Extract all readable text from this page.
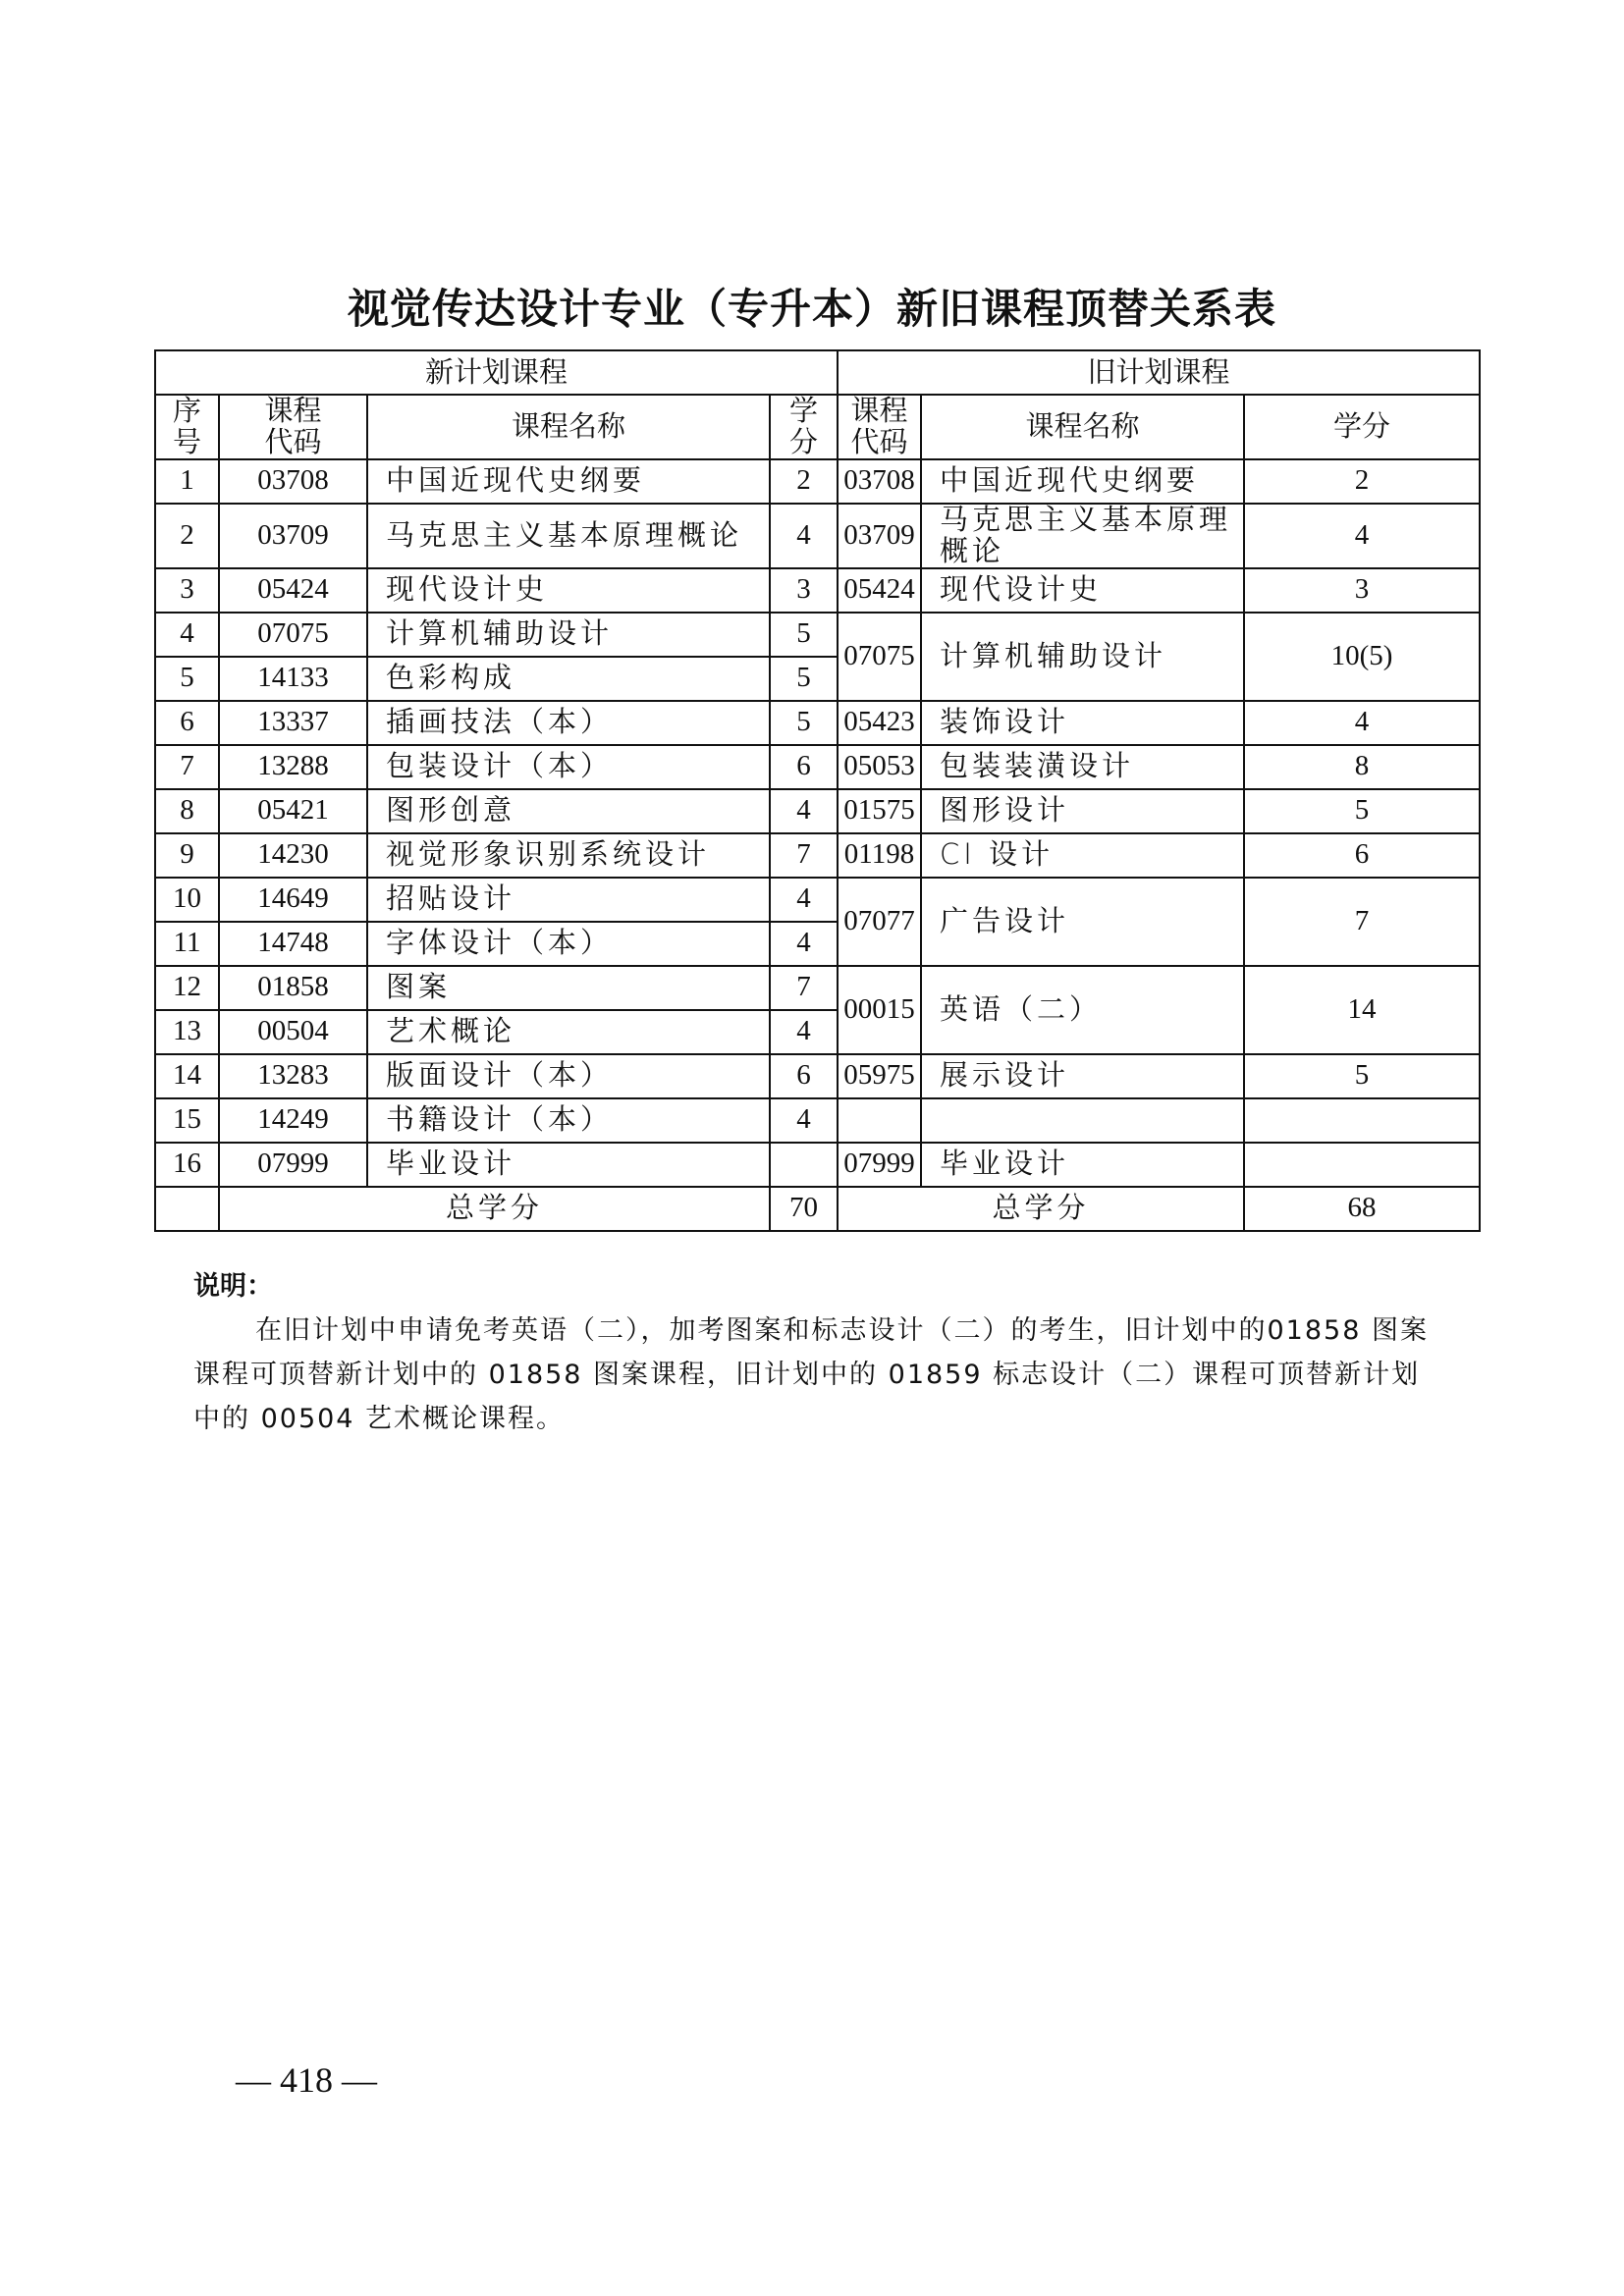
视觉传达设计专业（专升本）新旧课程顶替关系表
新计划课程				旧计划课程		
序号	课程代码	课程名称	学分	课程代码	课程名称	学分
1	03708	中国近现代史纲要	2	03708	中国近现代史纲要	2
2	03709	马克思主义基本原理概论	4	03709	马克思主义基本原理概论	4
3	05424	现代设计史	3	05424	现代设计史	3
4	07075	计算机辅助设计	5	07075	计算机辅助设计	10(5)
5	14133	色彩构成	5			
6	13337	插画技法（本）	5	05423	装饰设计	4
7	13288	包装设计（本）	6	05053	包装装潢设计	8
8	05421	图形创意	4	01575	图形设计	5
9	14230	视觉形象识别系统设计	7	01198	CI 设计	6
10	14649	招贴设计	4	07077	广告设计	7
11	14748	字体设计（本）	4			
12	01858	图案	7	00015	英语（二）	14
13	00504	艺术概论	4			
14	13283	版面设计（本）	6	05975	展示设计	5
15	14249	书籍设计（本）	4			
16	07999	毕业设计		07999	毕业设计	
	总学分		70	总学分		68
说明：
在旧计划中申请免考英语（二），加考图案和标志设计（二）的考生，旧计划中的01858 图案课程可顶替新计划中的 01858 图案课程，旧计划中的 01859 标志设计（二）课程可顶替新计划中的 00504 艺术概论课程。
— 418 —
